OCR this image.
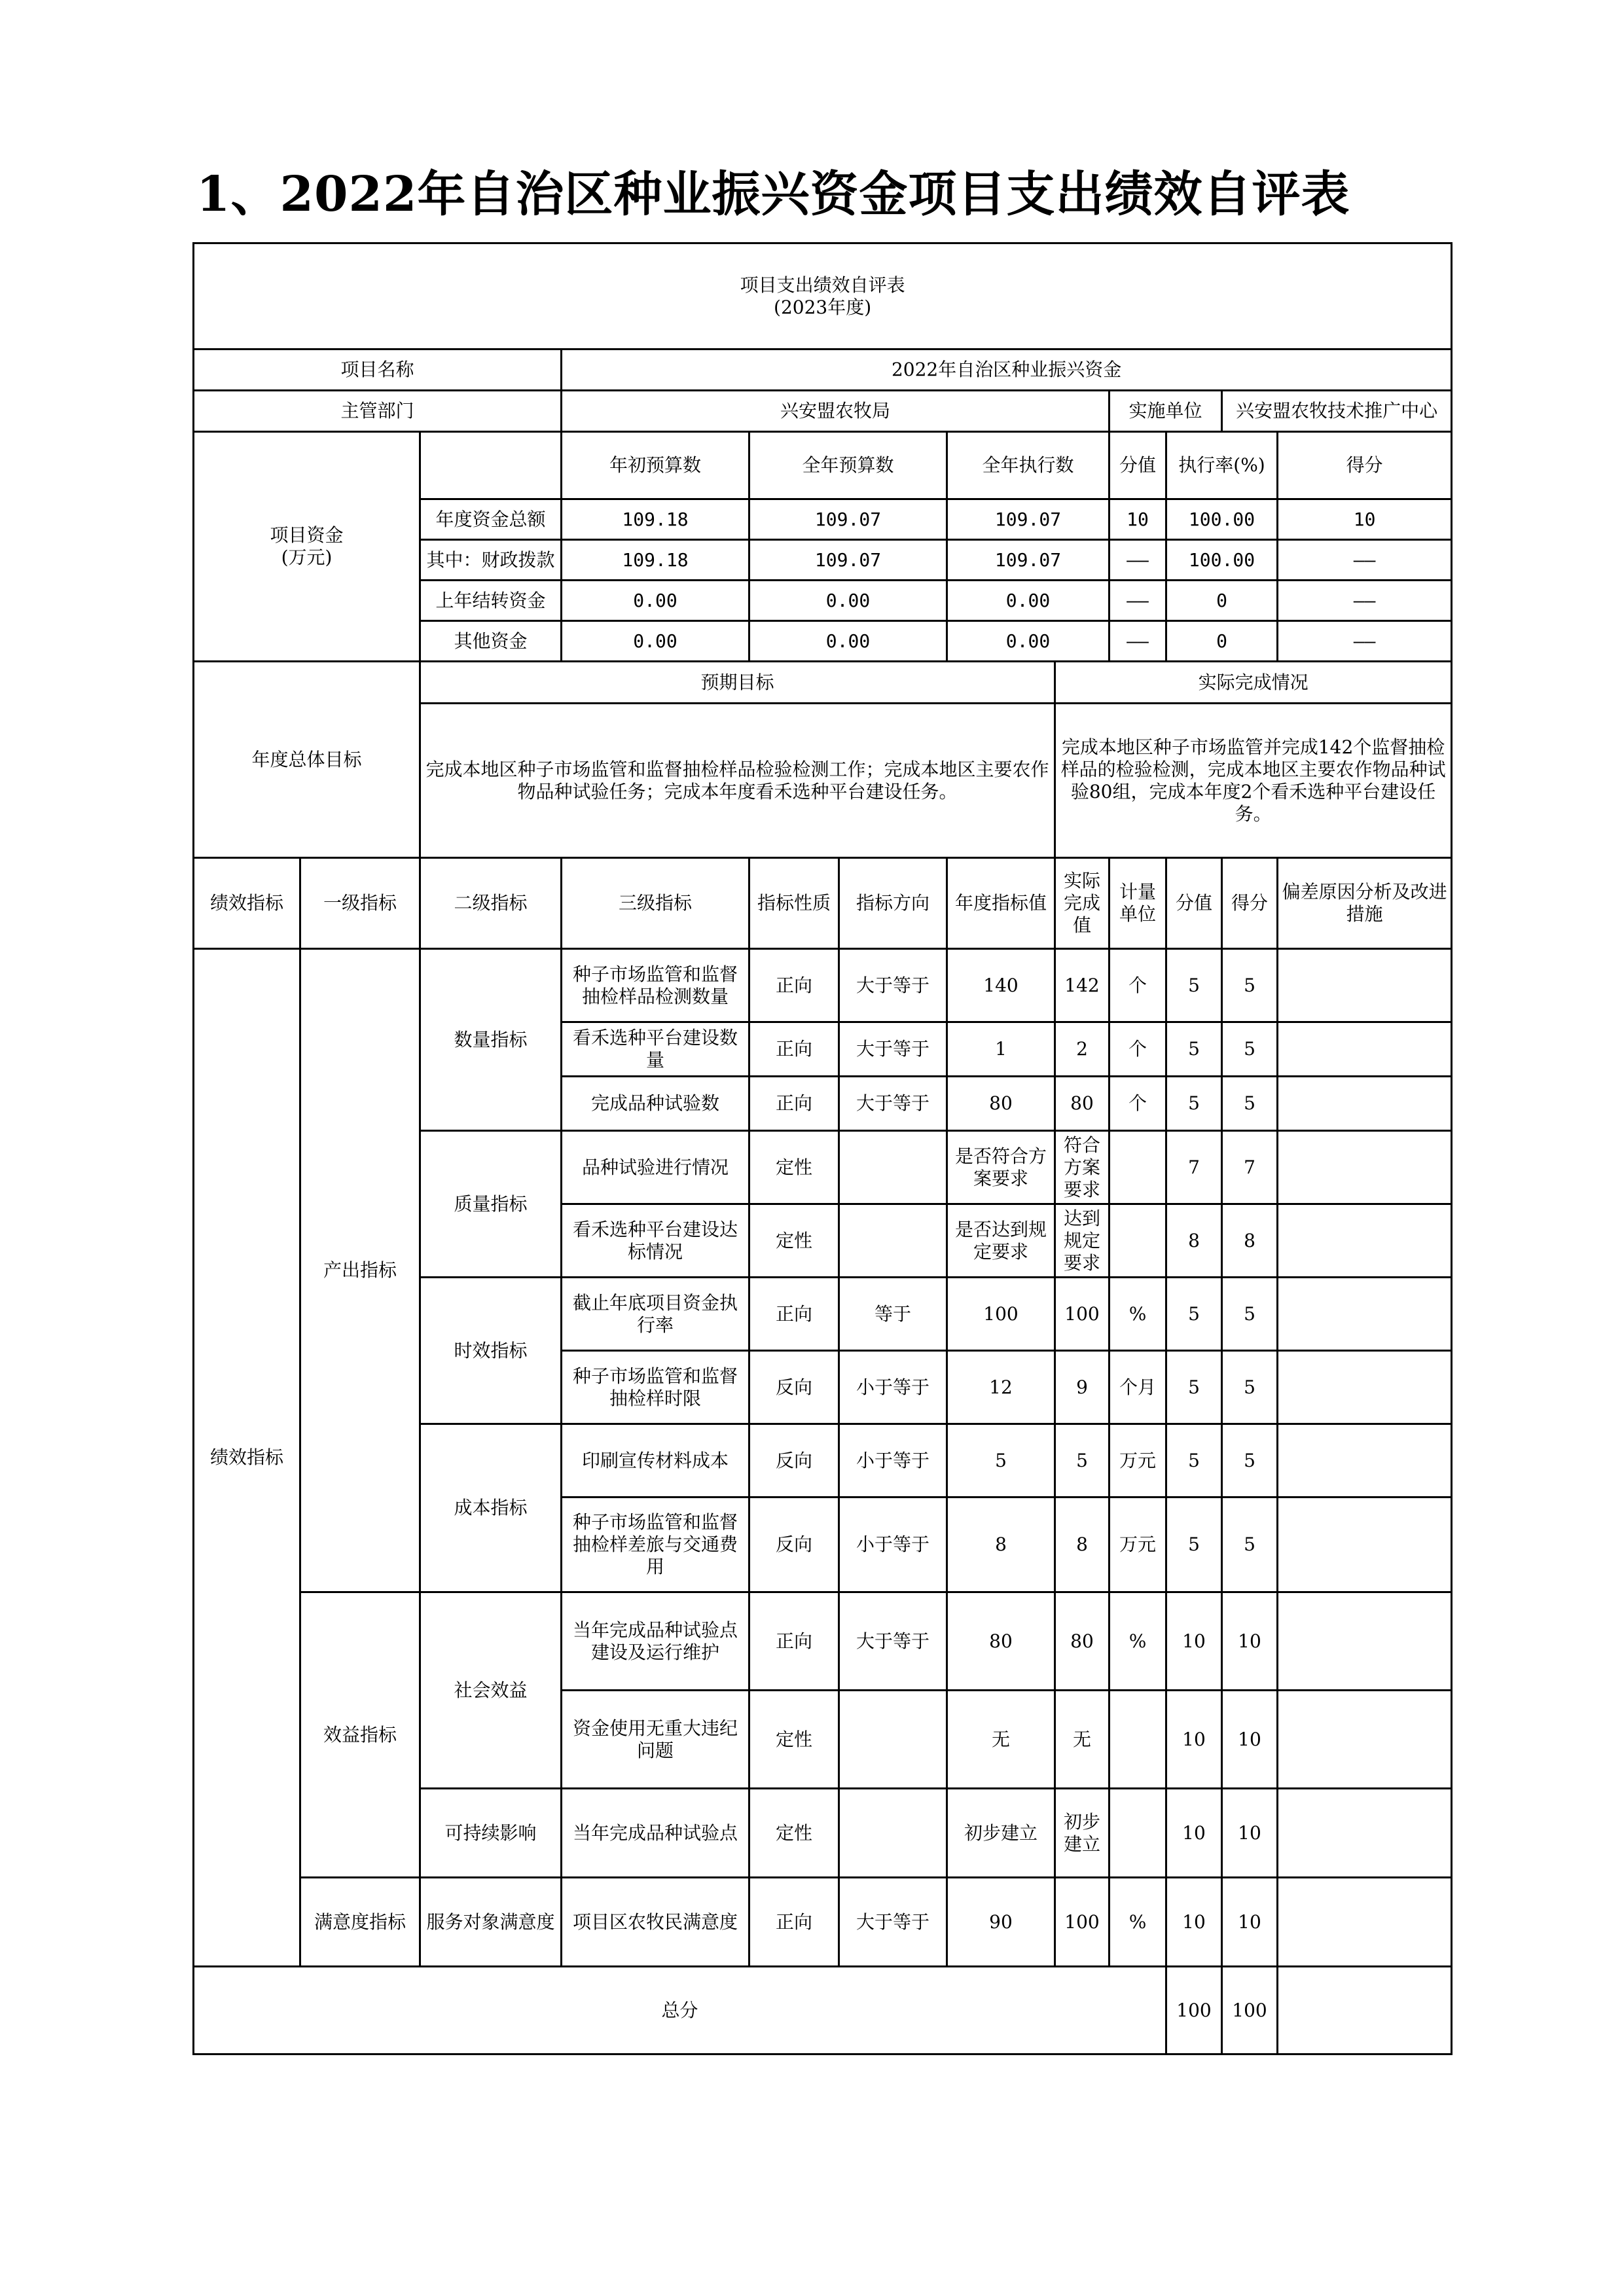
1、2022年自治区种业振兴资金项目支出绩效自评表
项目支出绩效自评表
(2023年度)											

项目名称			2022年自治区种业振兴资金								
主管部门			兴安盟农牧局					实施单位		兴安盟农牧技术推广中心	

项目资金
(万元)			年初预算数	全年预算数		全年执行数		分值	执行率(%)		得分
		年度资金总额	109.18	109.07		109.07		10	100.00		10
		其中：财政拨款	109.18	109.07		109.07		——	100.00		——
		上年结转资金	0.00	0.00		0.00		——	0		——
		其他资金	0.00	0.00		0.00		——	0		——
年度总体目标		预期目标					实际完成情况				
		完成本地区种子市场监管和监督抽检样品检验检测工作；完成本地区主要农作物品种试验任务；完成本年度看禾选种平台建设任务。					完成本地区种子市场监管并完成142个监督抽检样品的检验检测，完成本地区主要农作物品种试验80组，完成本年度2个看禾选种平台建设任务。				
绩效指标	一级指标	二级指标	三级指标	指标性质	指标方向	年度指标值	实际完成值	计量单位	分值	得分	偏差原因分析及改进措施
绩效指标	产出指标	数量指标	种子市场监管和监督抽检样品检测数量	正向	大于等于	140	142	个	5	5	
			看禾选种平台建设数量	正向	大于等于	1	2	个	5	5	
			完成品种试验数	正向	大于等于	80	80	个	5	5	
		质量指标	品种试验进行情况	定性		是否符合方案要求	符合方案要求		7	7	
			看禾选种平台建设达标情况	定性		是否达到规定要求	达到规定要求		8	8	
		时效指标	截止年底项目资金执行率	正向	等于	100	100	%	5	5	
			种子市场监管和监督抽检样时限	反向	小于等于	12	9	个月	5	5	
		成本指标	印刷宣传材料成本	反向	小于等于	5	5	万元	5	5	
			种子市场监管和监督抽检样差旅与交通费用	反向	小于等于	8	8	万元	5	5	
	效益指标	社会效益	当年完成品种试验点建设及运行维护	正向	大于等于	80	80	%	10	10	
			资金使用无重大违纪问题	定性		无	无		10	10	
		可持续影响	当年完成品种试验点	定性		初步建立	初步建立		10	10	
	满意度指标	服务对象满意度	项目区农牧民满意度	正向	大于等于	90	100	%	10	10	
总分									100	100	
